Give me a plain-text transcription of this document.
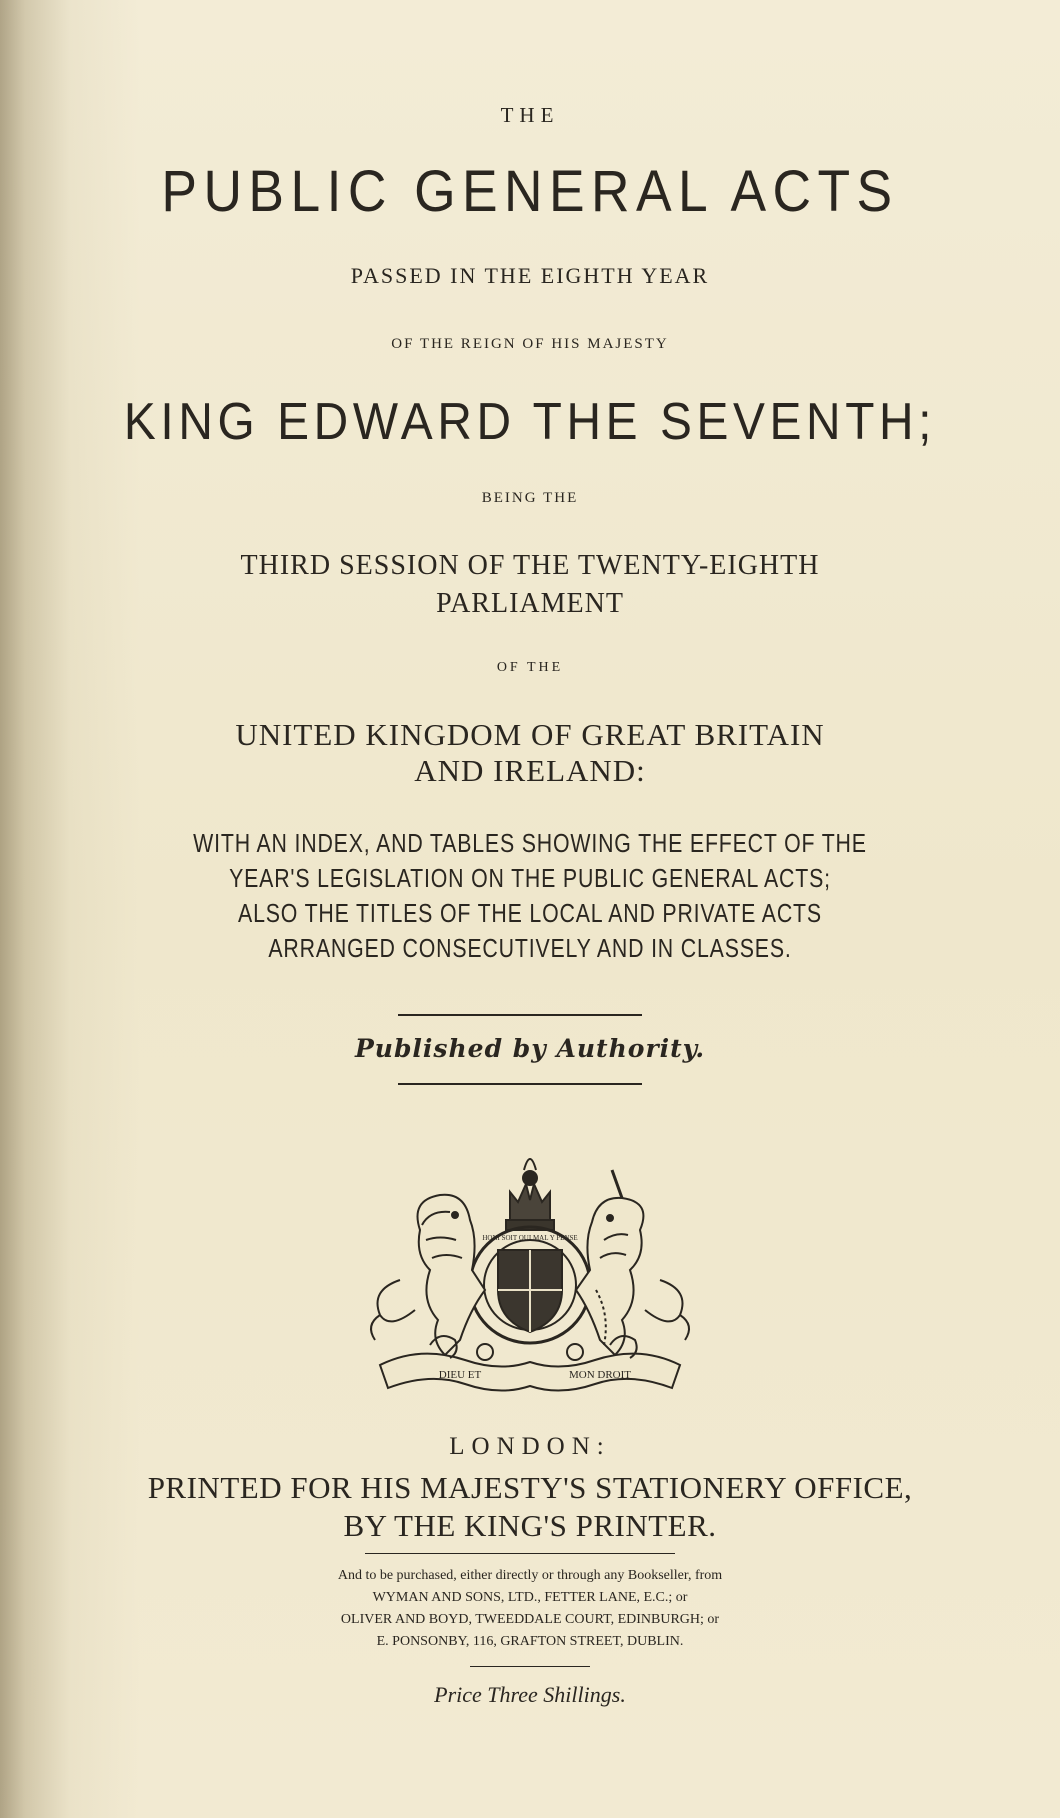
THE
PUBLIC GENERAL ACTS
PASSED IN THE EIGHTH YEAR
OF THE REIGN OF HIS MAJESTY
KING EDWARD THE SEVENTH;
BEING THE
THIRD SESSION OF THE TWENTY-EIGHTH
PARLIAMENT
OF THE
UNITED KINGDOM OF GREAT BRITAIN
AND IRELAND:
WITH AN INDEX, AND TABLES SHOWING THE EFFECT OF THE
YEAR'S LEGISLATION ON THE PUBLIC GENERAL ACTS;
ALSO THE TITLES OF THE LOCAL AND PRIVATE ACTS
ARRANGED CONSECUTIVELY AND IN CLASSES.
Published by Authority.
DIEU ET	MON DROIT
HONI SOIT QUI MAL Y PENSE
LONDON:
PRINTED FOR HIS MAJESTY'S STATIONERY OFFICE,
BY THE KING'S PRINTER.
And to be purchased, either directly or through any Bookseller, from
WYMAN AND SONS, LTD., FETTER LANE, E.C.; or
OLIVER AND BOYD, TWEEDDALE COURT, EDINBURGH; or
E. PONSONBY, 116, GRAFTON STREET, DUBLIN.
Price Three Shillings.
